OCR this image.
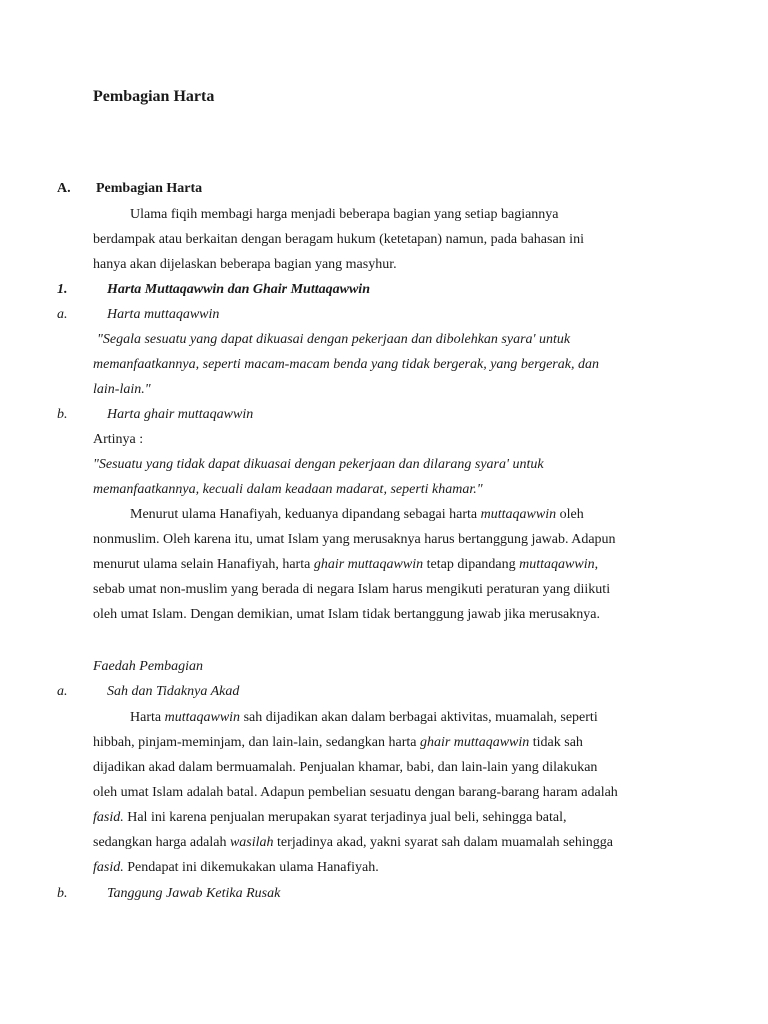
Pembagian Harta
A. Pembagian Harta
Ulama fiqih membagi harga menjadi beberapa bagian yang setiap bagiannya
berdampak atau berkaitan dengan beragam hukum (ketetapan) namun, pada bahasan ini
hanya akan dijelaskan beberapa bagian yang masyhur.
1.	Harta Muttaqawwin dan Ghair Muttaqawwin
a.	Harta muttaqawwin
"Segala sesuatu yang dapat dikuasai dengan pekerjaan dan dibolehkan syara' untuk
memanfaatkannya, seperti macam-macam benda yang tidak bergerak, yang bergerak, dan
lain-lain."
b.	Harta ghair muttaqawwin
Artinya :
"Sesuatu yang tidak dapat dikuasai dengan pekerjaan dan dilarang syara' untuk
memanfaatkannya, kecuali dalam keadaan madarat, seperti khamar."
Menurut ulama Hanafiyah, keduanya dipandang sebagai harta muttaqawwin oleh
nonmuslim. Oleh karena itu, umat Islam yang merusaknya harus bertanggung jawab. Adapun
menurut ulama selain Hanafiyah, harta ghair muttaqawwin tetap dipandang muttaqawwin,
sebab umat non-muslim yang berada di negara Islam harus mengikuti peraturan yang diikuti
oleh umat Islam. Dengan demikian, umat Islam tidak bertanggung jawab jika merusaknya.
Faedah Pembagian
a.	Sah dan Tidaknya Akad
Harta muttaqawwin sah dijadikan akan dalam berbagai aktivitas, muamalah, seperti
hibbah, pinjam-meminjam, dan lain-lain, sedangkan harta ghair muttaqawwin tidak sah
dijadikan akad dalam bermuamalah. Penjualan khamar, babi, dan lain-lain yang dilakukan
oleh umat Islam adalah batal. Adapun pembelian sesuatu dengan barang-barang haram adalah
fasid. Hal ini karena penjualan merupakan syarat terjadinya jual beli, sehingga batal,
sedangkan harga adalah wasilah terjadinya akad, yakni syarat sah dalam muamalah sehingga
fasid. Pendapat ini dikemukakan ulama Hanafiyah.
b.	Tanggung Jawab Ketika Rusak
